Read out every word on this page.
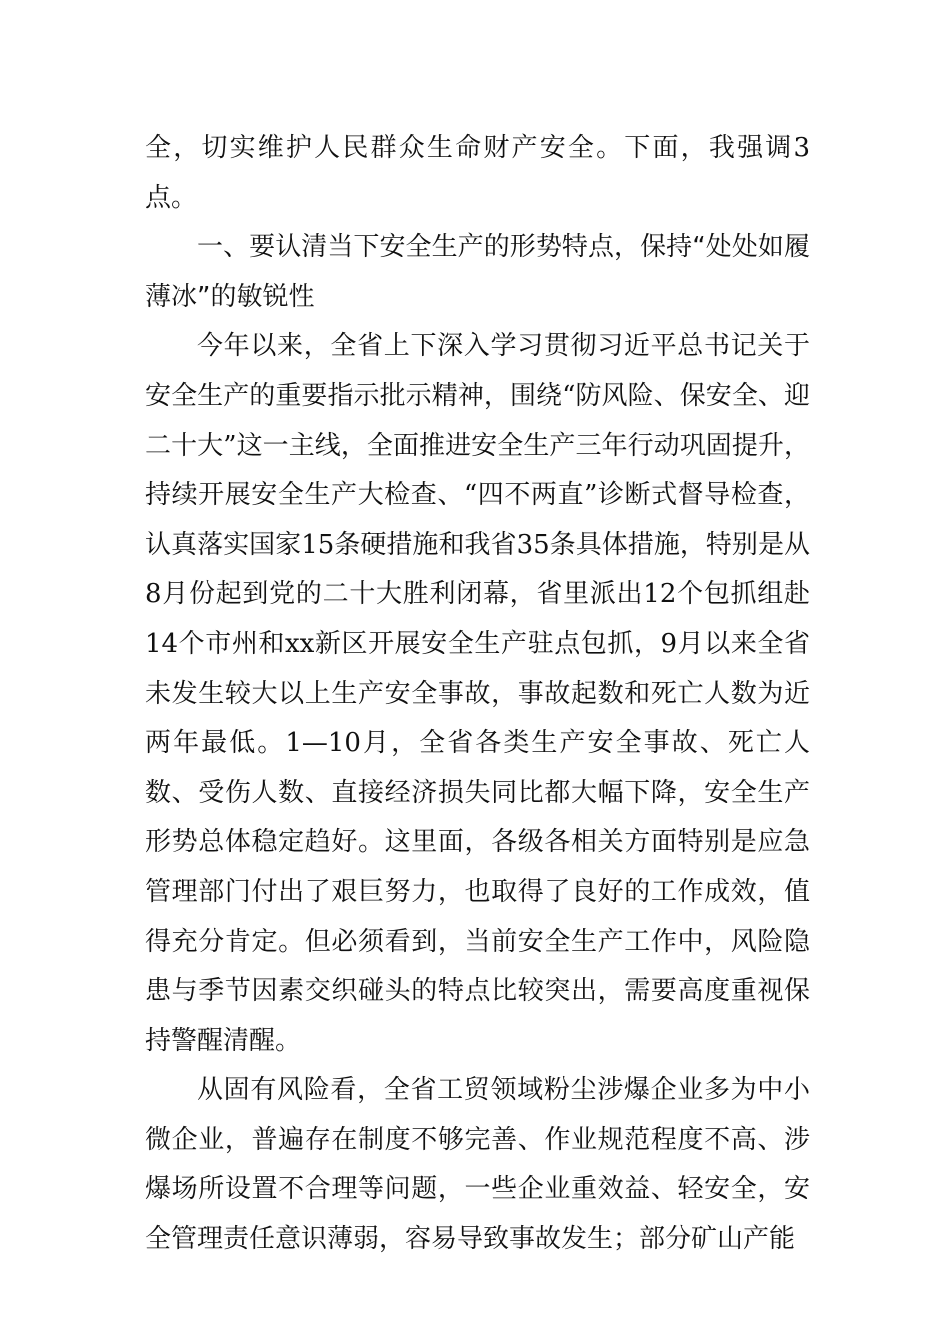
全，切实维护人民群众生命财产安全。下面，我强调3点。

一、要认清当下安全生产的形势特点，保持“处处如履薄冰”的敏锐性

今年以来，全省上下深入学习贯彻习近平总书记关于安全生产的重要指示批示精神，围绕“防风险、保安全、迎二十大”这一主线，全面推进安全生产三年行动巩固提升，持续开展安全生产大检查、“四不两直”诊断式督导检查，认真落实国家15条硬措施和我省35条具体措施，特别是从8月份起到党的二十大胜利闭幕，省里派出12个包抓组赴14个市州和xx新区开展安全生产驻点包抓，9月以来全省未发生较大以上生产安全事故，事故起数和死亡人数为近两年最低。1—10月，全省各类生产安全事故、死亡人数、受伤人数、直接经济损失同比都大幅下降，安全生产形势总体稳定趋好。这里面，各级各相关方面特别是应急管理部门付出了艰巨努力，也取得了良好的工作成效，值得充分肯定。但必须看到，当前安全生产工作中，风险隐患与季节因素交织碰头的特点比较突出，需要高度重视保持警醒清醒。

从固有风险看，全省工贸领域粉尘涉爆企业多为中小微企业，普遍存在制度不够完善、作业规范程度不高、涉爆场所设置不合理等问题，一些企业重效益、轻安全，安全管理责任意识薄弱，容易导致事故发生；部分矿山产能
